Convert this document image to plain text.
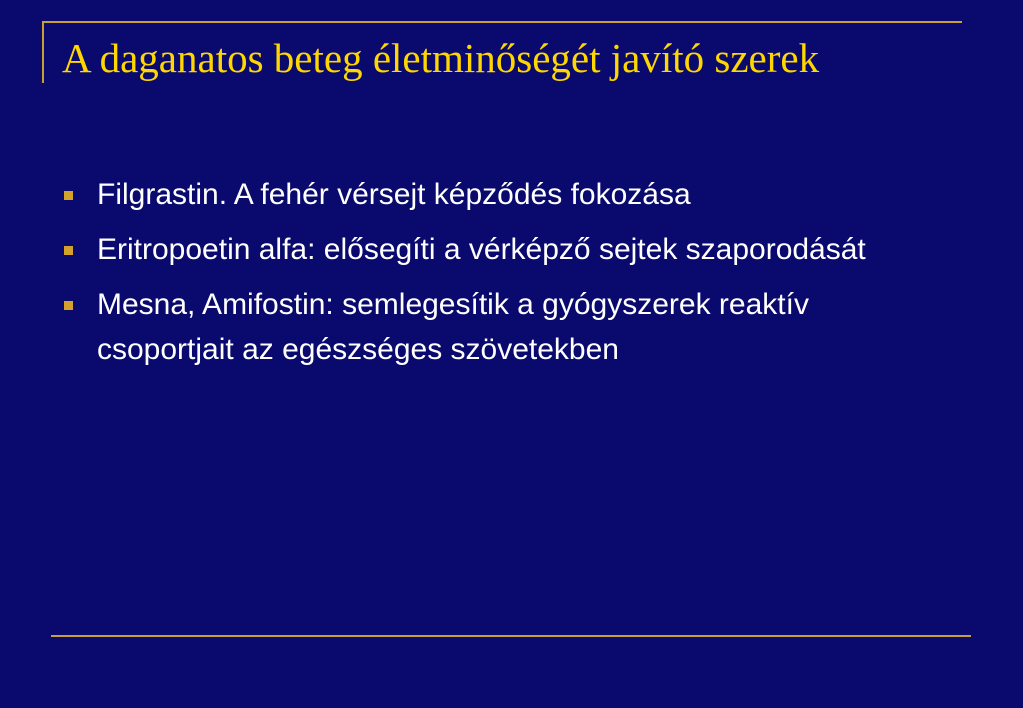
A daganatos beteg életminőségét javító szerek
Filgrastin. A fehér vérsejt képződés fokozása
Eritropoetin alfa: elősegíti a vérképző sejtek szaporodását
Mesna, Amifostin: semlegesítik a gyógyszerek reaktív csoportjait az egészséges szövetekben
